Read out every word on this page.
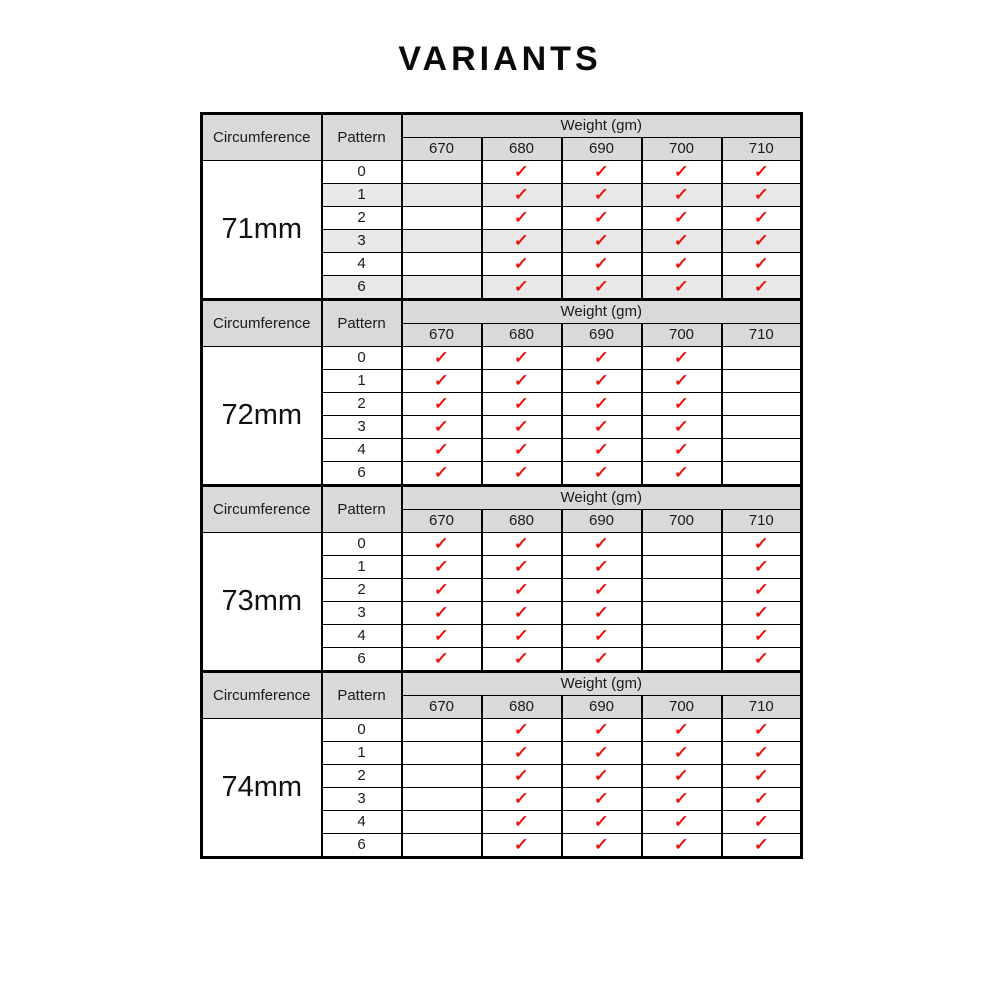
VARIANTS
Circumference	Pattern	Weight (gm)				
		670	680	690	700	710
71mm	0		✓	✓	✓	✓
	1		✓	✓	✓	✓
	2		✓	✓	✓	✓
	3		✓	✓	✓	✓
	4		✓	✓	✓	✓
	6		✓	✓	✓	✓
Circumference	Pattern	Weight (gm)				
		670	680	690	700	710
72mm	0	✓	✓	✓	✓	
	1	✓	✓	✓	✓	
	2	✓	✓	✓	✓	
	3	✓	✓	✓	✓	
	4	✓	✓	✓	✓	
	6	✓	✓	✓	✓	
Circumference	Pattern	Weight (gm)				
		670	680	690	700	710
73mm	0	✓	✓	✓		✓
	1	✓	✓	✓		✓
	2	✓	✓	✓		✓
	3	✓	✓	✓		✓
	4	✓	✓	✓		✓
	6	✓	✓	✓		✓
Circumference	Pattern	Weight (gm)				
		670	680	690	700	710
74mm	0		✓	✓	✓	✓
	1		✓	✓	✓	✓
	2		✓	✓	✓	✓
	3		✓	✓	✓	✓
	4		✓	✓	✓	✓
	6		✓	✓	✓	✓
